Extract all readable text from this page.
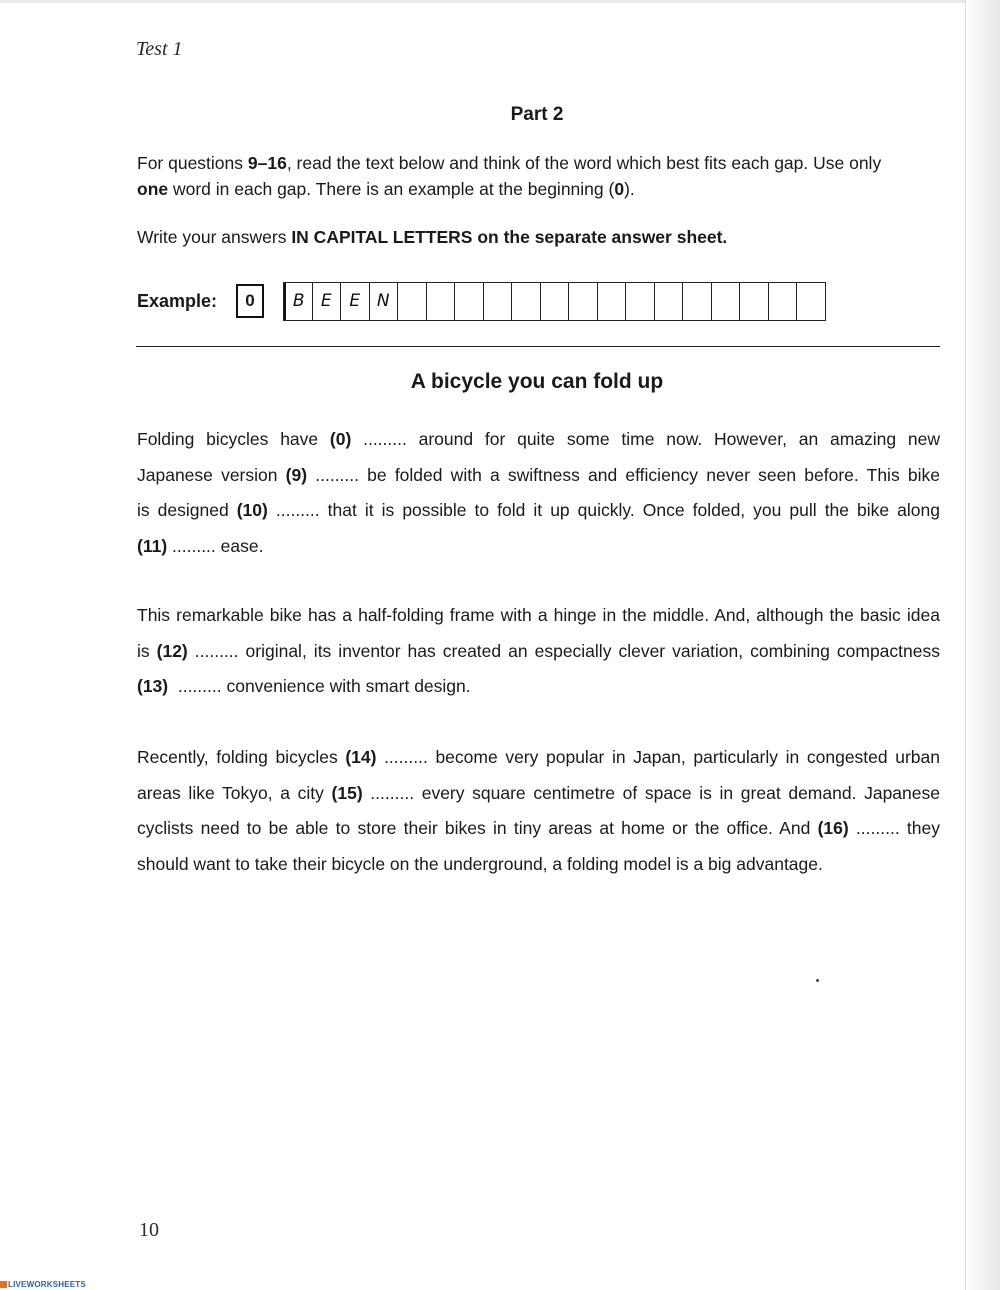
Test 1
Part 2
For questions 9–16, read the text below and think of the word which best fits each gap. Use only
one word in each gap. There is an example at the beginning (0).
Write your answers IN CAPITAL LETTERS on the separate answer sheet.
Example:	0	B E	E N
A bicycle you can fold up
Folding bicycles have (0) ......... around for quite some time now. However, an amazing new
Japanese version (9) ......... be folded with a swiftness and efficiency never seen before. This bike
is designed (10) ......... that it is possible to fold it up quickly. Once folded, you pull the bike along
(11) ......... ease.
This remarkable bike has a half-folding frame with a hinge in the middle. And, although the basic idea
is (12) ......... original, its inventor has created an especially clever variation, combining compactness
(13)  ......... convenience with smart design.
Recently, folding bicycles (14) ......... become very popular in Japan, particularly in congested urban
areas like Tokyo, a city (15) ......... every square centimetre of space is in great demand. Japanese
cyclists need to be able to store their bikes in tiny areas at home or the office. And (16) ......... they
should want to take their bicycle on the underground, a folding model is a big advantage.
10
LIVEWORKSHEETS
